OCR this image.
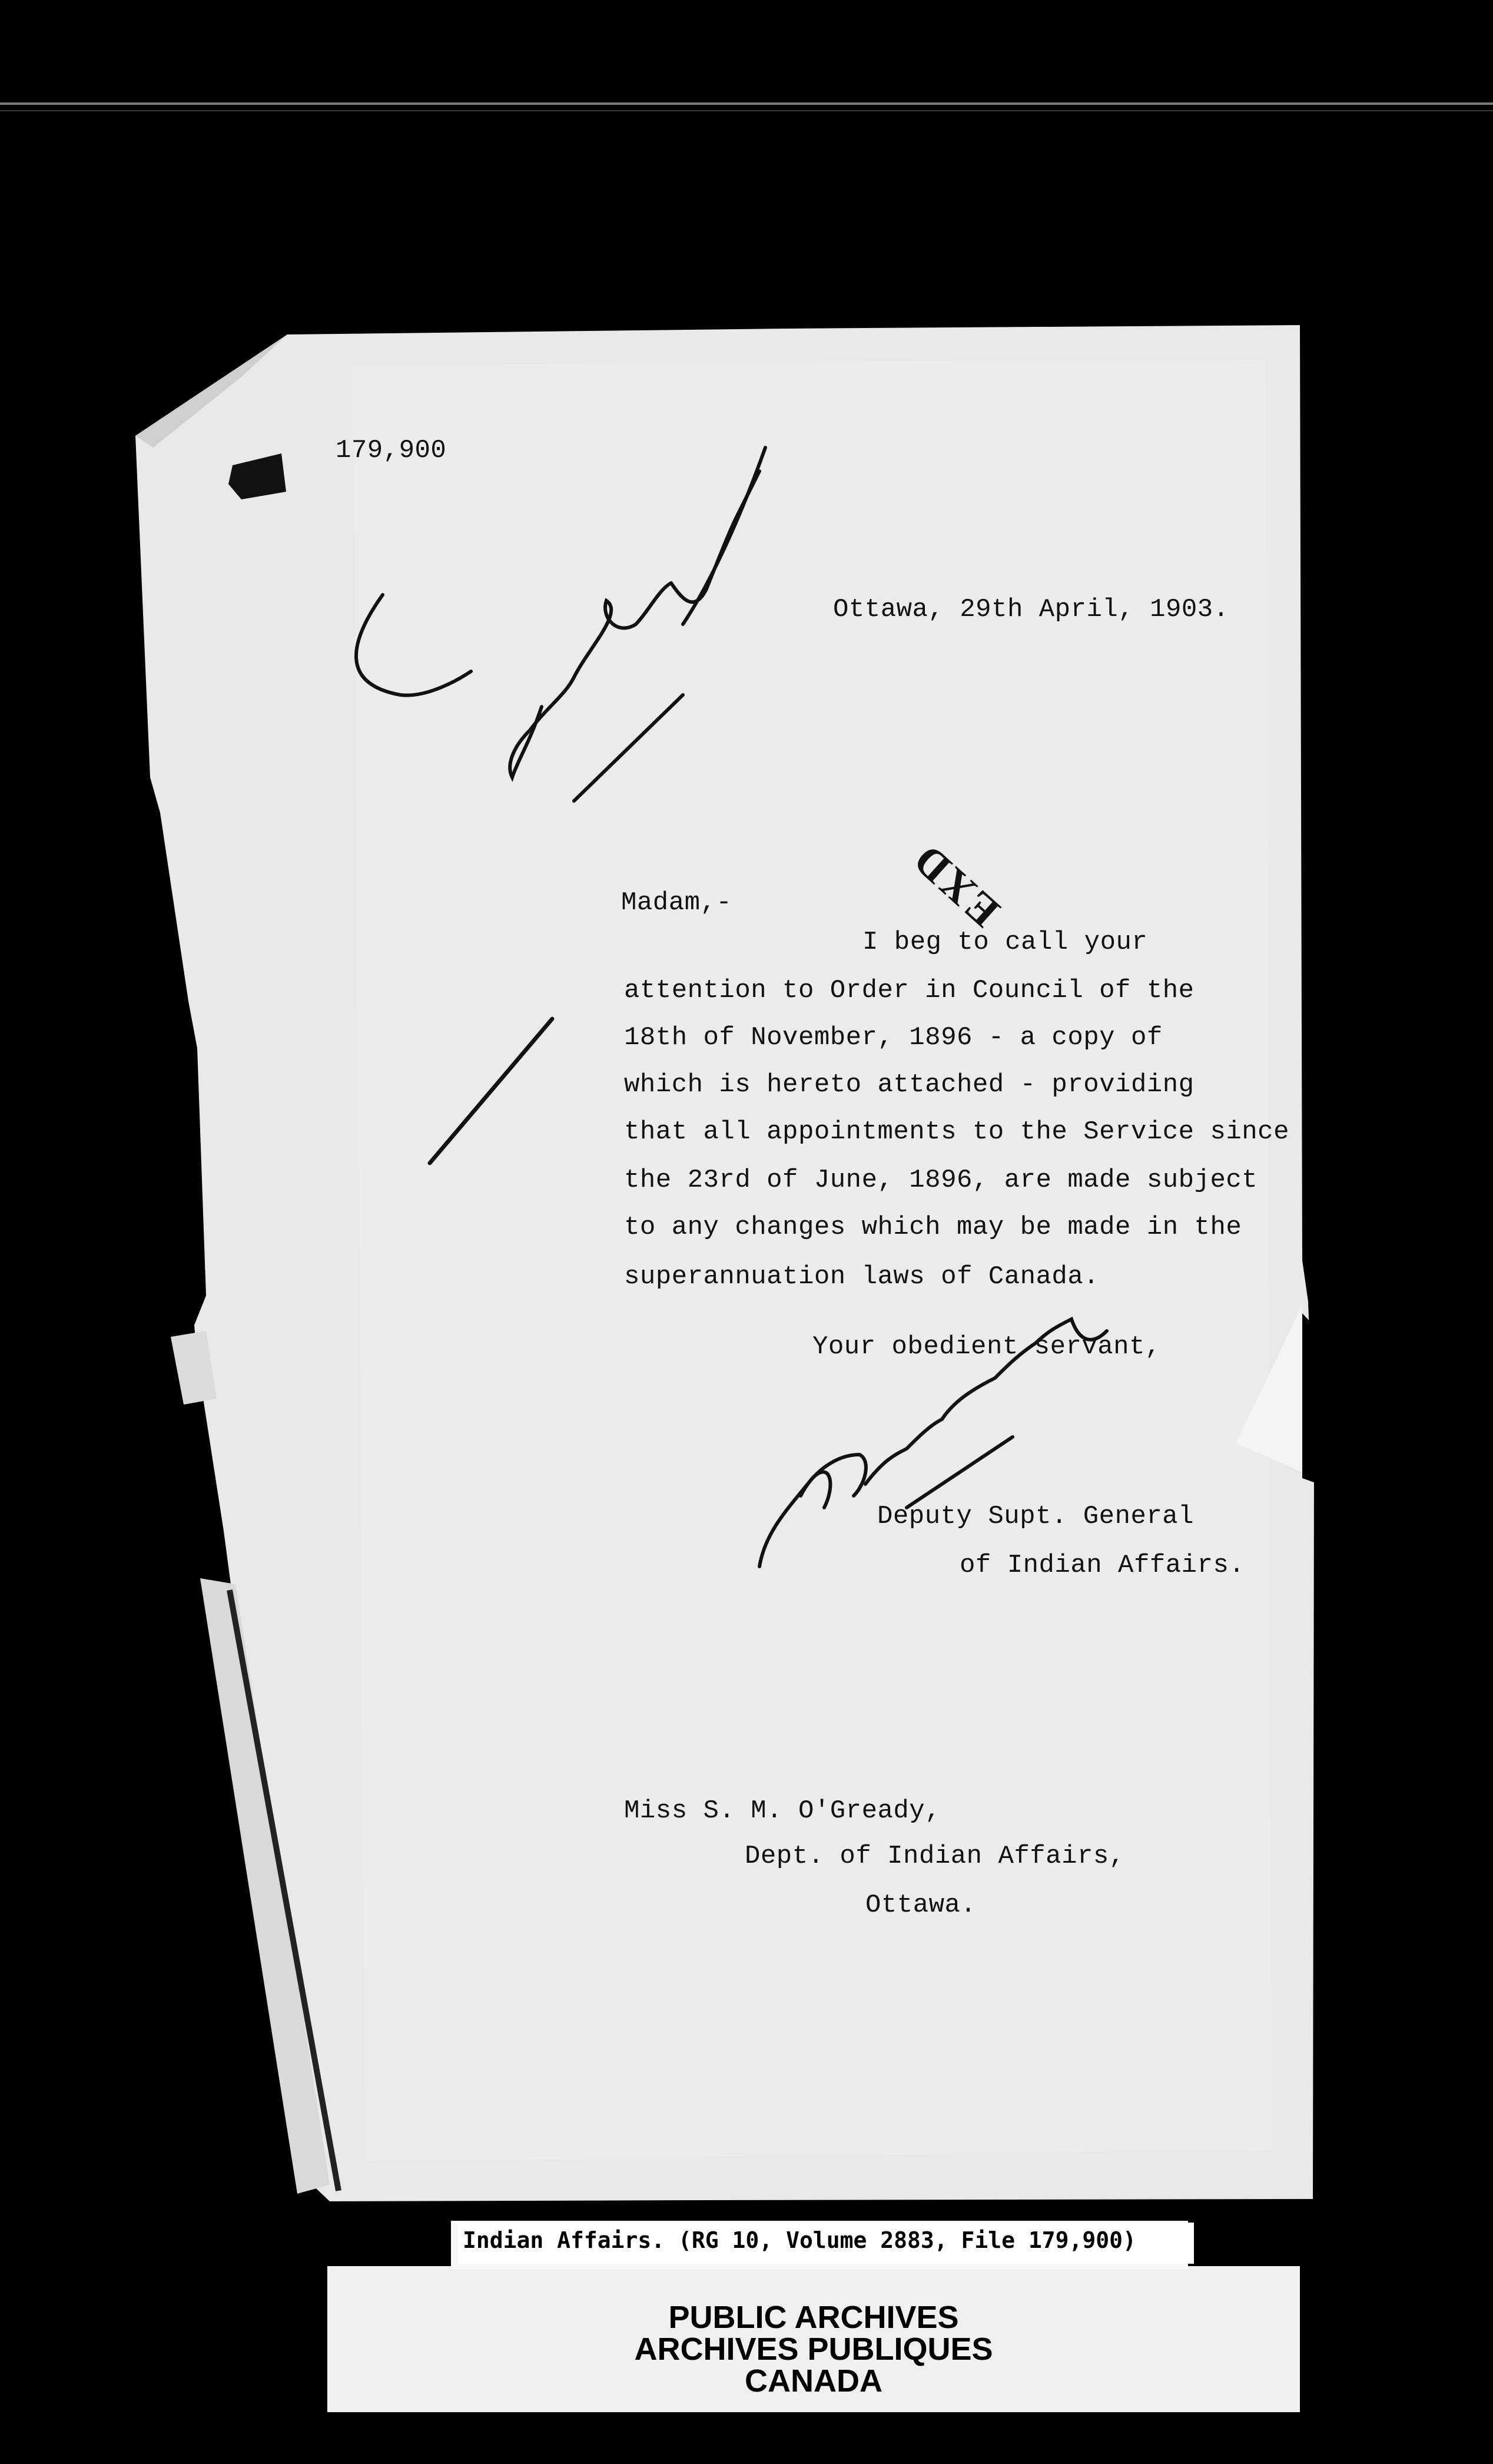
179,900
Ottawa, 29th April, 1903.
EXD
Madam,-
I beg to call your
attention to Order in Council of the
18th of November, 1896 - a copy of
which is hereto attached - providing
that all appointments to the Service since
the 23rd of June, 1896, are made subject
to any changes which may be made in the
superannuation laws of Canada.
Your obedient servant,
Deputy Supt. General
of Indian Affairs.
Miss S. M. O'Gready,
Dept. of Indian Affairs,
Ottawa.
Indian Affairs. (RG 10, Volume 2883, File 179,900)
PUBLIC ARCHIVES
ARCHIVES PUBLIQUES
CANADA
